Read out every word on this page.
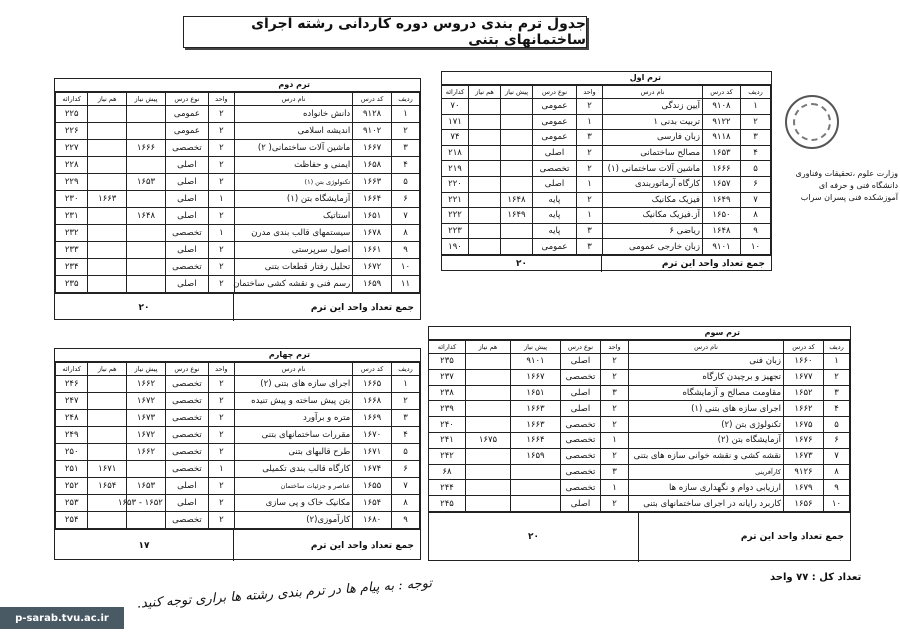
جدول ترم بندی دروس دوره کاردانی رشته اجرای ساختمانهای بتنی
وزارت علوم ،تحقیقات وفناوری
دانشگاه فنی و حرفه ای
آموزشکده فنی پسران سراب
ترم اول
ردیف	کد درس	نام درس	واحد	نوع درس	پیش نیاز	هم نیاز	کدارائه
۱	۹۱۰۸	آیین زندگی	۲	عمومی			۷۰
۲	۹۱۲۲	تربیت بدنی ۱	۱	عمومی			۱۷۱
۳	۹۱۱۸	زبان فارسی	۳	عمومی			۷۴
۴	۱۶۵۳	مصالح ساختمانی	۲	اصلی			۲۱۸
۵	۱۶۶۶	ماشین آلات ساختمانی (۱)	۲	تخصصی			۲۱۹
۶	۱۶۵۷	کارگاه آرماتوربندی	۱	اصلی			۲۲۰
۷	۱۶۴۹	فیزیک مکانیک	۲	پایه	۱۶۴۸		۲۲۱
۸	۱۶۵۰	آز.فیزیک مکانیک	۱	پایه	۱۶۴۹		۲۲۲
۹	۱۶۴۸	ریاضی ۶	۳	پایه			۲۲۳
۱۰	۹۱۰۱	زبان خارجی عمومی	۳	عمومی			۱۹۰
جمع تعداد واحد این ترم
۲۰
ترم دوم
ردیف	کد درس	نام درس	واحد	نوع درس	پیش نیاز	هم نیاز	کدارائه
۱	۹۱۲۸	دانش خانواده	۲	عمومی			۲۲۵
۲	۹۱۰۲	اندیشه اسلامی	۲	عمومی			۲۲۶
۳	۱۶۶۷	ماشین آلات ساختمانی( ۲)	۲	تخصصی	۱۶۶۶		۲۲۷
۴	۱۶۵۸	ایمنی و حفاظت	۲	اصلی			۲۲۸
۵	۱۶۶۳	تکنولوژی بتن (۱)	۲	اصلی	۱۶۵۳		۲۲۹
۶	۱۶۶۴	آزمایشگاه بتن (۱)	۱	اصلی		۱۶۶۳	۲۳۰
۷	۱۶۵۱	استاتیک	۲	اصلی	۱۶۴۸		۲۳۱
۸	۱۶۷۸	سیستمهای قالب بندی مدرن	۱	تخصصی			۲۳۲
۹	۱۶۶۱	اصول سرپرستی	۲	اصلی			۲۳۳
۱۰	۱۶۷۲	تحلیل رفتار قطعات بتنی	۲	تخصصی			۲۳۴
۱۱	۱۶۵۹	رسم فنی و نقشه کشی ساختمان	۲	اصلی			۲۳۵
جمع تعداد واحد این ترم
۲۰
ترم سوم
ردیف	کد درس	نام درس	واحد	نوع درس	پیش نیاز	هم نیاز	کدارائه
۱	۱۶۶۰	زبان فنی	۲	اصلی	۹۱۰۱		۲۳۵
۲	۱۶۷۷	تجهیز و برچیدن کارگاه	۲	تخصصی	۱۶۶۷		۲۳۷
۳	۱۶۵۲	مقاومت مصالح و آزمایشگاه	۳	اصلی	۱۶۵۱		۲۳۸
۴	۱۶۶۲	اجرای سازه های بتنی (۱)	۲	اصلی	۱۶۶۳		۲۳۹
۵	۱۶۷۵	تکنولوژی بتن (۲)	۲	تخصصی	۱۶۶۳		۲۴۰
۶	۱۶۷۶	آزمایشگاه بتن (۲)	۱	تخصصی	۱۶۶۴	۱۶۷۵	۲۴۱
۷	۱۶۷۳	نقشه کشی و نقشه خوانی سازه های بتنی	۲	تخصصی	۱۶۵۹		۲۴۲
۸	۹۱۲۶	کارآفرینی	۳	تخصصی			۶۸
۹	۱۶۷۹	ارزیابی دوام و نگهداری سازه ها	۱	تخصصی			۲۴۴
۱۰	۱۶۵۶	کاربرد رایانه در اجرای ساختمانهای بتنی	۲	اصلی			۲۴۵
جمع تعداد واحد این ترم
۲۰
ترم چهارم
ردیف	کد درس	نام درس	واحد	نوع درس	پیش نیاز	هم نیاز	کدارائه
۱	۱۶۶۵	اجرای سازه های بتنی (۲)	۲	تخصصی	۱۶۶۲		۲۴۶
۲	۱۶۶۸	بتن پیش ساخته و پیش تنیده	۲	تخصصی	۱۶۷۲		۲۴۷
۳	۱۶۶۹	متره و برآورد	۲	تخصصی	۱۶۷۳		۲۴۸
۴	۱۶۷۰	مقررات ساختمانهای بتنی	۲	تخصصی	۱۶۷۲		۲۴۹
۵	۱۶۷۱	طرح قالبهای بتنی	۲	تخصصی	۱۶۶۲		۲۵۰
۶	۱۶۷۴	کارگاه قالب بندی تکمیلی	۱	تخصصی		۱۶۷۱	۲۵۱
۷	۱۶۵۵	عناصر و جزئیات ساختمان	۲	اصلی	۱۶۵۳	۱۶۵۴	۲۵۲
۸	۱۶۵۴	مکانیک خاک و پی سازی	۲	اصلی	۱۶۵۲ - ۱۶۵۳		۲۵۳
۹	۱۶۸۰	کارآموزی(۲)	۲	تخصصی			۲۵۴
جمع تعداد واحد این ترم
۱۷
تعداد کل : ۷۷ واحد
توجه : به پیام ها در ترم بندی رشته ها براری توجه کنید.
p-sarab.tvu.ac.ir
